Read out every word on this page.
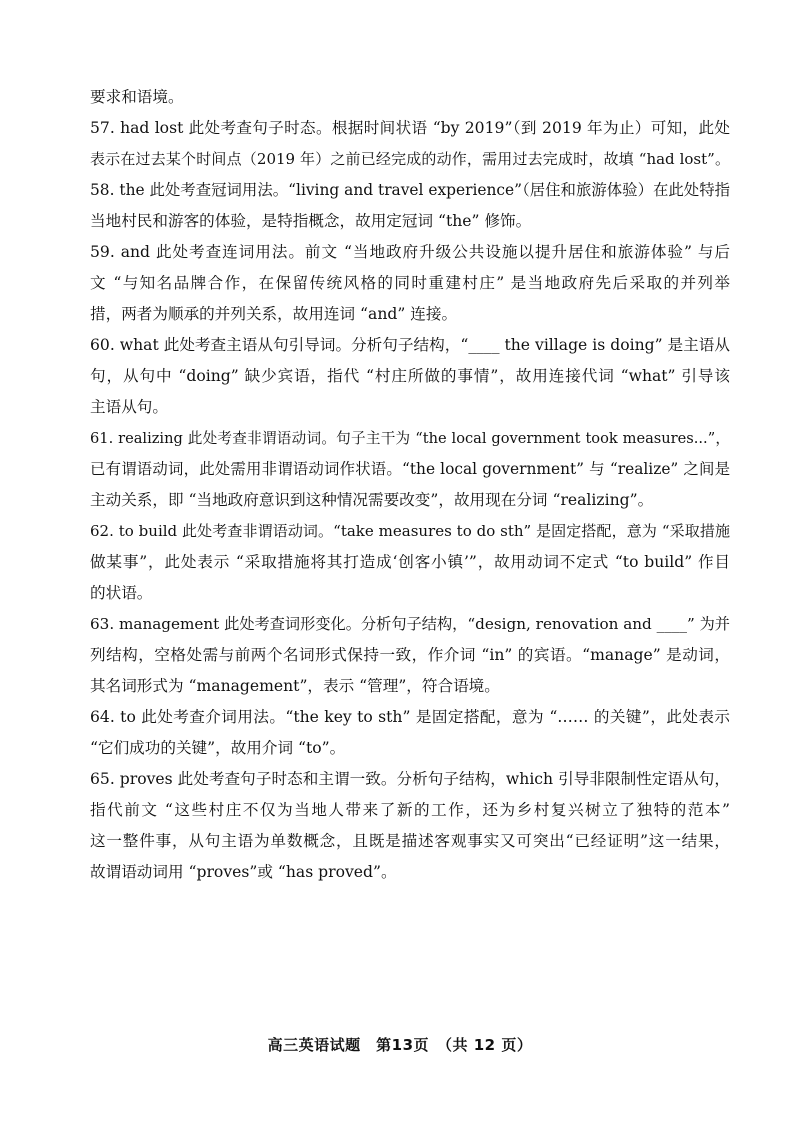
要求和语境。
57. had lost 此处考查句子时态。根据时间状语 “by 2019”（到 2019 年为止）可知，此处
表示在过去某个时间点（2019 年）之前已经完成的动作，需用过去完成时，故填 “had lost”。
58. the 此处考查冠词用法。“living and travel experience”（居住和旅游体验）在此处特指
当地村民和游客的体验，是特指概念，故用定冠词 “the” 修饰。
59. and 此处考查连词用法。前文 “当地政府升级公共设施以提升居住和旅游体验” 与后
文 “与知名品牌合作，在保留传统风格的同时重建村庄” 是当地政府先后采取的并列举
措，两者为顺承的并列关系，故用连词 “and” 连接。
60. what 此处考查主语从句引导词。分析句子结构，“____ the village is doing” 是主语从
句，从句中 “doing” 缺少宾语，指代 “村庄所做的事情”，故用连接代词 “what” 引导该
主语从句。
61. realizing 此处考查非谓语动词。句子主干为 “the local government took measures...”，
已有谓语动词，此处需用非谓语动词作状语。“the local government” 与 “realize” 之间是
主动关系，即 “当地政府意识到这种情况需要改变”，故用现在分词 “realizing”。
62. to build 此处考查非谓语动词。“take measures to do sth” 是固定搭配，意为 “采取措施
做某事”，此处表示 “采取措施将其打造成‘创客小镇’”，故用动词不定式 “to build” 作目
的状语。
63. management 此处考查词形变化。分析句子结构，“design, renovation and ____” 为并
列结构，空格处需与前两个名词形式保持一致，作介词 “in” 的宾语。“manage” 是动词，
其名词形式为 “management”，表示 “管理”，符合语境。
64. to 此处考查介词用法。“the key to sth” 是固定搭配，意为 “…… 的关键”，此处表示
“它们成功的关键”，故用介词 “to”。
65. proves 此处考查句子时态和主谓一致。分析句子结构，which 引导非限制性定语从句，
指代前文 “这些村庄不仅为当地人带来了新的工作，还为乡村复兴树立了独特的范本”
这一整件事，从句主语为单数概念，且既是描述客观事实又可突出“已经证明”这一结果，
故谓语动词用 “proves”或 “has proved”。
高三英语试题　第13页　（共 12 页）
